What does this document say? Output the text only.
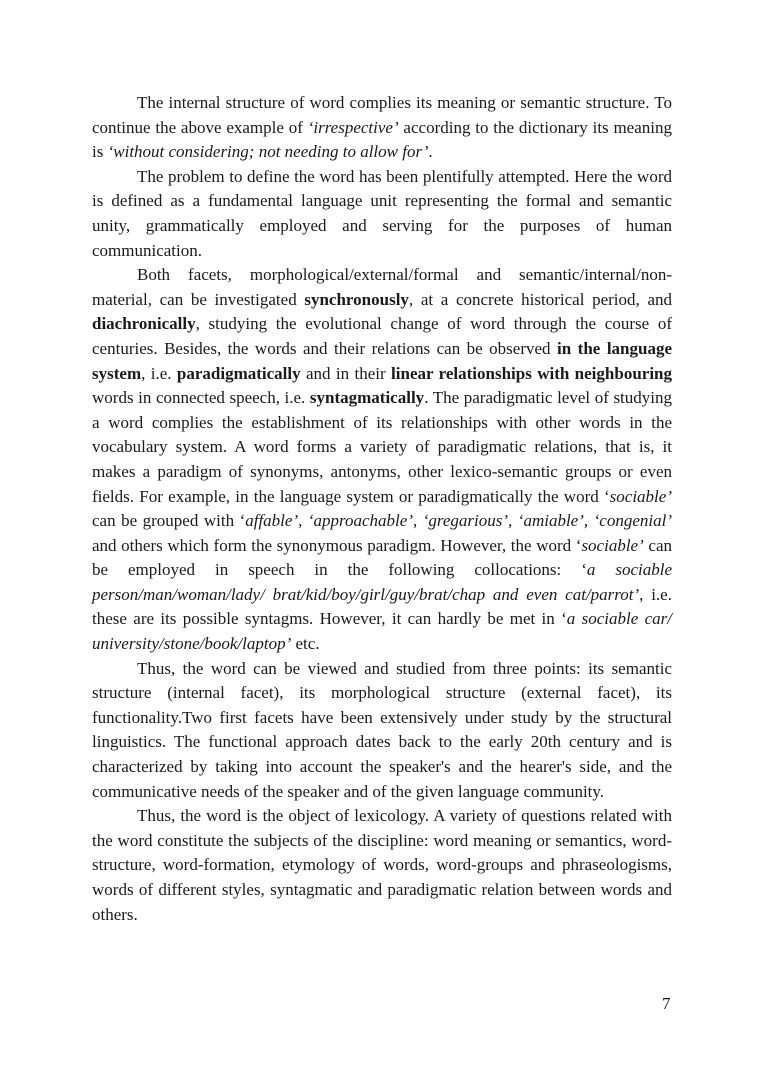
The internal structure of word complies its meaning or semantic structure. To continue the above example of ‘irrespective’ according to the dictionary its meaning is ‘without considering; not needing to allow for’.

The problem to define the word has been plentifully attempted. Here the word is defined as a fundamental language unit representing the formal and semantic unity, grammatically employed and serving for the purposes of human communication.

Both facets, morphological/external/formal and semantic/internal/non-material, can be investigated synchronously, at a concrete historical period, and diachronically, studying the evolutional change of word through the course of centuries. Besides, the words and their relations can be observed in the language system, i.e. paradigmatically and in their linear relationships with neighbouring words in connected speech, i.e. syntagmatically. The paradigmatic level of studying a word complies the establishment of its relationships with other words in the vocabulary system. A word forms a variety of paradigmatic relations, that is, it makes a paradigm of synonyms, antonyms, other lexico-semantic groups or even fields. For example, in the language system or paradigmatically the word ‘sociable’ can be grouped with ‘affable’, ‘approachable’, ‘gregarious’, ‘amiable’, ‘congenial’ and others which form the synonymous paradigm. However, the word ‘sociable’ can be employed in speech in the following collocations: ‘a sociable person/man/woman/lady/ brat/kid/boy/girl/guy/brat/chap and even cat/parrot’, i.e. these are its possible syntagms. However, it can hardly be met in ‘a sociable car/ university/stone/book/laptop’ etc.

Thus, the word can be viewed and studied from three points: its semantic structure (internal facet), its morphological structure (external facet), its functionality.Two first facets have been extensively under study by the structural linguistics. The functional approach dates back to the early 20th century and is characterized by taking into account the speaker's and the hearer's side, and the communicative needs of the speaker and of the given language community.

Thus, the word is the object of lexicology. A variety of questions related with the word constitute the subjects of the discipline: word meaning or semantics, word-structure, word-formation, etymology of words, word-groups and phraseologisms, words of different styles, syntagmatic and paradigmatic relation between words and others.

7
